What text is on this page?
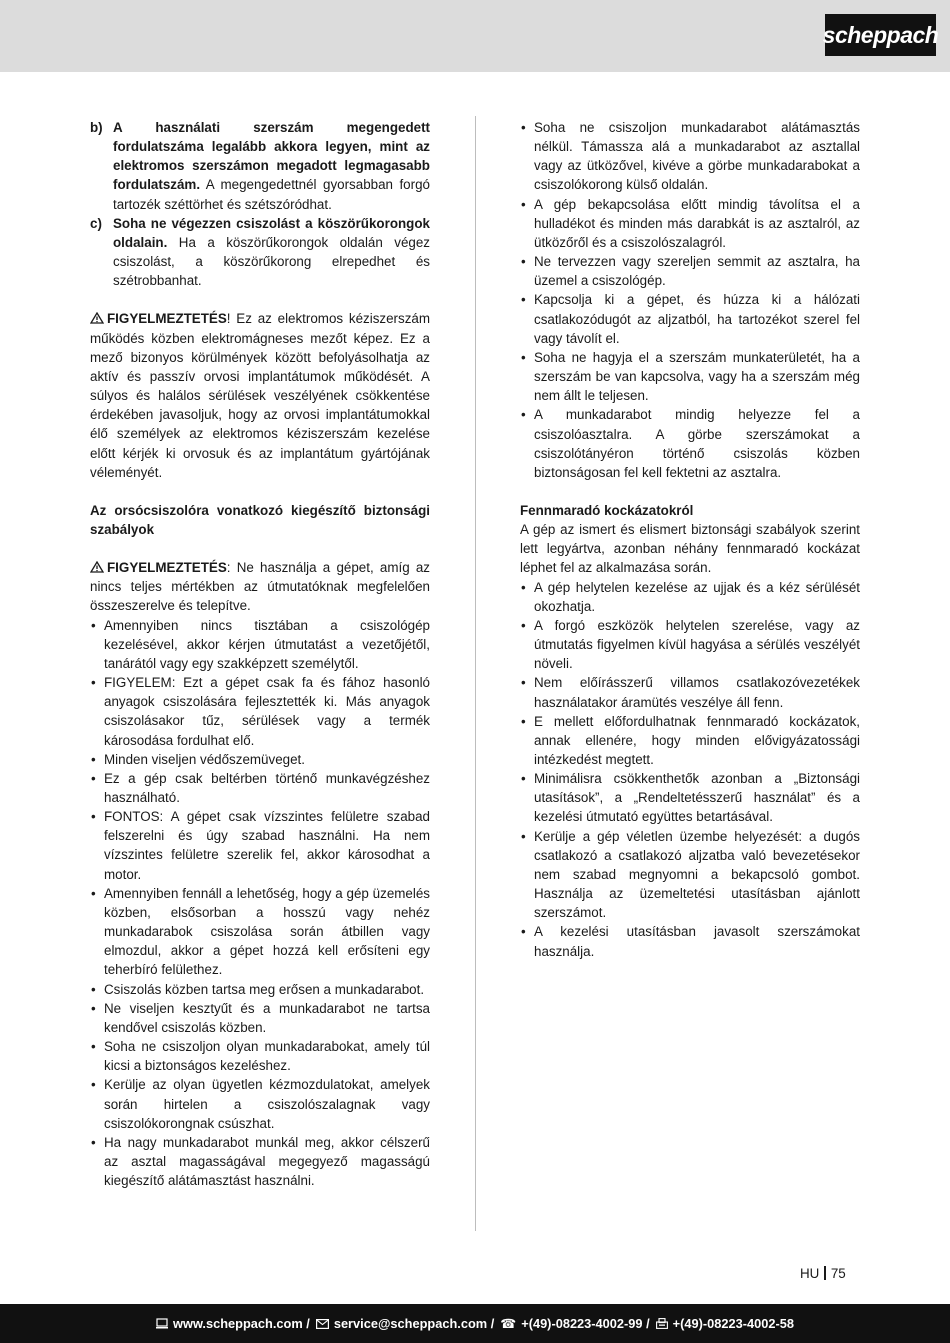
scheppach
b) A használati szerszám megengedett fordulatszáma legalább akkora legyen, mint az elektromos szerszámon megadott legmagasabb fordulatszám. A megengedettnél gyorsabban forgó tartozék széttörhet és szétszóródhat.
c) Soha ne végezzen csiszolást a köszörűkorongok oldalain. Ha a köszörűkorongok oldalán végez csiszolást, a köszörűkorong elrepedhet és szétrobbanhat.

FIGYELMEZTETÉS! Ez az elektromos kéziszerszám működés közben elektromágneses mezőt képez. Ez a mező bizonyos körülmények között befolyásolhatja az aktív és passzív orvosi implantátumok működését. A súlyos és halálos sérülések veszélyének csökkentése érdekében javasoljuk, hogy az orvosi implantátumokkal élő személyek az elektromos kéziszerszám kezelése előtt kérjék ki orvosuk és az implantátum gyártójának véleményét.

Az orsócsiszolóra vonatkozó kiegészítő biztonsági szabályok

FIGYELMEZTETÉS: Ne használja a gépet, amíg az nincs teljes mértékben az útmutatóknak megfelelően összeszerelve és telepítve.

• Amennyiben nincs tisztában a csiszológép kezelésével, akkor kérjen útmutatást a vezetőjétől, tanárától vagy egy szakképzett személytől.
• FIGYELEM: Ezt a gépet csak fa és fához hasonló anyagok csiszolására fejlesztették ki. Más anyagok csiszolásakor tűz, sérülések vagy a termék károsodása fordulhat elő.
• Minden viseljen védőszemüveget.
• Ez a gép csak beltérben történő munkavégzéshez használható.
• FONTOS: A gépet csak vízszintes felületre szabad felszerelni és úgy szabad használni. Ha nem vízszintes felületre szerelik fel, akkor károsodhat a motor.
• Amennyiben fennáll a lehetőség, hogy a gép üzemelés közben, elsősorban a hosszú vagy nehéz munkadarabok csiszolása során átbillen vagy elmozdul, akkor a gépet hozzá kell erősíteni egy teherbíró felülethez.
• Csiszolás közben tartsa meg erősen a munkadarabot.
• Ne viseljen kesztyűt és a munkadarabot ne tartsa kendővel csiszolás közben.
• Soha ne csiszoljon olyan munkadarabokat, amely túl kicsi a biztonságos kezeléshez.
• Kerülje az olyan ügyetlen kézmozdulatokat, amelyek során hirtelen a csiszolószalagnak vagy csiszolókorongnak csúszhat.
• Ha nagy munkadarabot munkál meg, akkor célszerű az asztal magasságával megegyező magasságú kiegészítő alátámasztást használni.
• Soha ne csiszoljon munkadarabot alátámasztás nélkül. Támassza alá a munkadarabot az asztallal vagy az ütközővel, kivéve a görbe munkadarabokat a csiszolókorong külső oldalán.
• A gép bekapcsolása előtt mindig távolítsa el a hulladékot és minden más darabkát is az asztalról, az ütközőről és a csiszolószalagról.
• Ne tervezzen vagy szereljen semmit az asztalra, ha üzemel a csiszológép.
• Kapcsolja ki a gépet, és húzza ki a hálózati csatlakozódugót az aljzatból, ha tartozékot szerel fel vagy távolít el.
• Soha ne hagyja el a szerszám munkaterületét, ha a szerszám be van kapcsolva, vagy ha a szerszám még nem állt le teljesen.
• A munkadarabot mindig helyezze fel a csiszolóasztalra. A görbe szerszámokat a csiszolótányéron történő csiszolás közben biztonságosan fel kell fektetni az asztalra.

Fennmaradó kockázatokról

A gép az ismert és elismert biztonsági szabályok szerint lett legyártva, azonban néhány fennmaradó kockázat léphet fel az alkalmazása során.

• A gép helytelen kezelése az ujjak és a kéz sérülését okozhatja.
• A forgó eszközök helytelen szerelése, vagy az útmutatás figyelmen kívül hagyása a sérülés veszélyét növeli.
• Nem előírásszerű villamos csatlakozóvezetékek használatakor áramütés veszélye áll fenn.
• E mellett előfordulhatnak fennmaradó kockázatok, annak ellenére, hogy minden elővigyázatossági intézkedést megtett.
• Minimálisra csökkenthetők azonban a „Biztonsági utasítások”, a „Rendeltetésszerű használat” és a kezelési útmutató együttes betartásával.
• Kerülje a gép véletlen üzembe helyezését: a dugós csatlakozó a csatlakozó aljzatba való bevezetésekor nem szabad megnyomni a bekapcsoló gombot. Használja az üzemeltetési utasításban ajánlott szerszámot.
• A kezelési utasításban javasolt szerszámokat használja.
HU 75
www.scheppach.com / service@scheppach.com / ☎ +(49)-08223-4002-99 / +(49)-08223-4002-58
